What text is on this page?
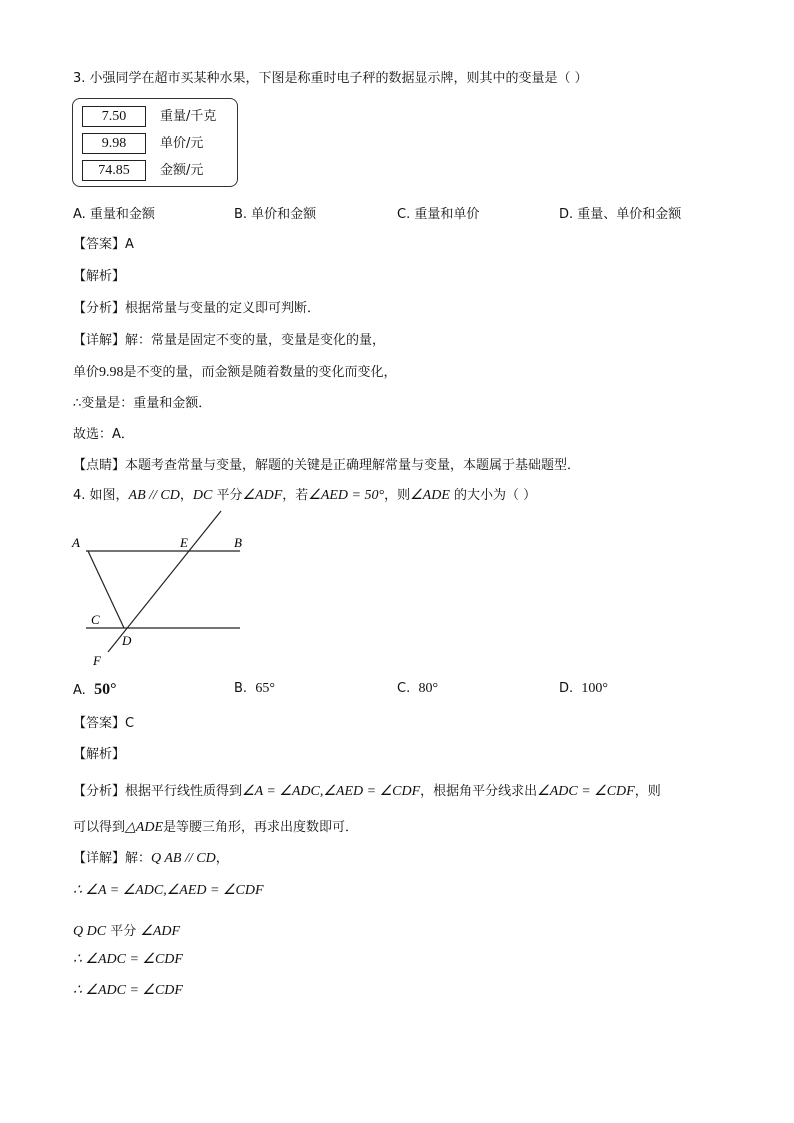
3. 小强同学在超市买某种水果，下图是称重时电子秤的数据显示牌，则其中的变量是（ ）
7.50	重量/千克
9.98	单价/元
74.85	金额/元
A. 重量和金额	B. 单价和金额	C. 重量和单价	D. 重量、单价和金额
【答案】A
【解析】
【分析】根据常量与变量的定义即可判断．
【详解】解：常量是固定不变的量，变量是变化的量，
单价9.98是不变的量，而金额是随着数量的变化而变化，
∴变量是：重量和金额．
故选：A．
【点睛】本题考查常量与变量，解题的关键是正确理解常量与变量，本题属于基础题型．
4. 如图，AB // CD，DC 平分∠ADF，若∠AED = 50°，则∠ADE 的大小为（ ）
A	E	B
C
D
F
A. 50°	B. 65°	C. 80°	D. 100°
【答案】C
【解析】
【分析】根据平行线性质得到∠A = ∠ADC,∠AED = ∠CDF，根据角平分线求出∠ADC = ∠CDF，则
可以得到△ADE是等腰三角形，再求出度数即可．
【详解】解：Q AB // CD，
∴ ∠A = ∠ADC,∠AED = ∠CDF
Q DC 平分 ∠ADF
∴ ∠ADC = ∠CDF
∴ ∠ADC = ∠CDF
